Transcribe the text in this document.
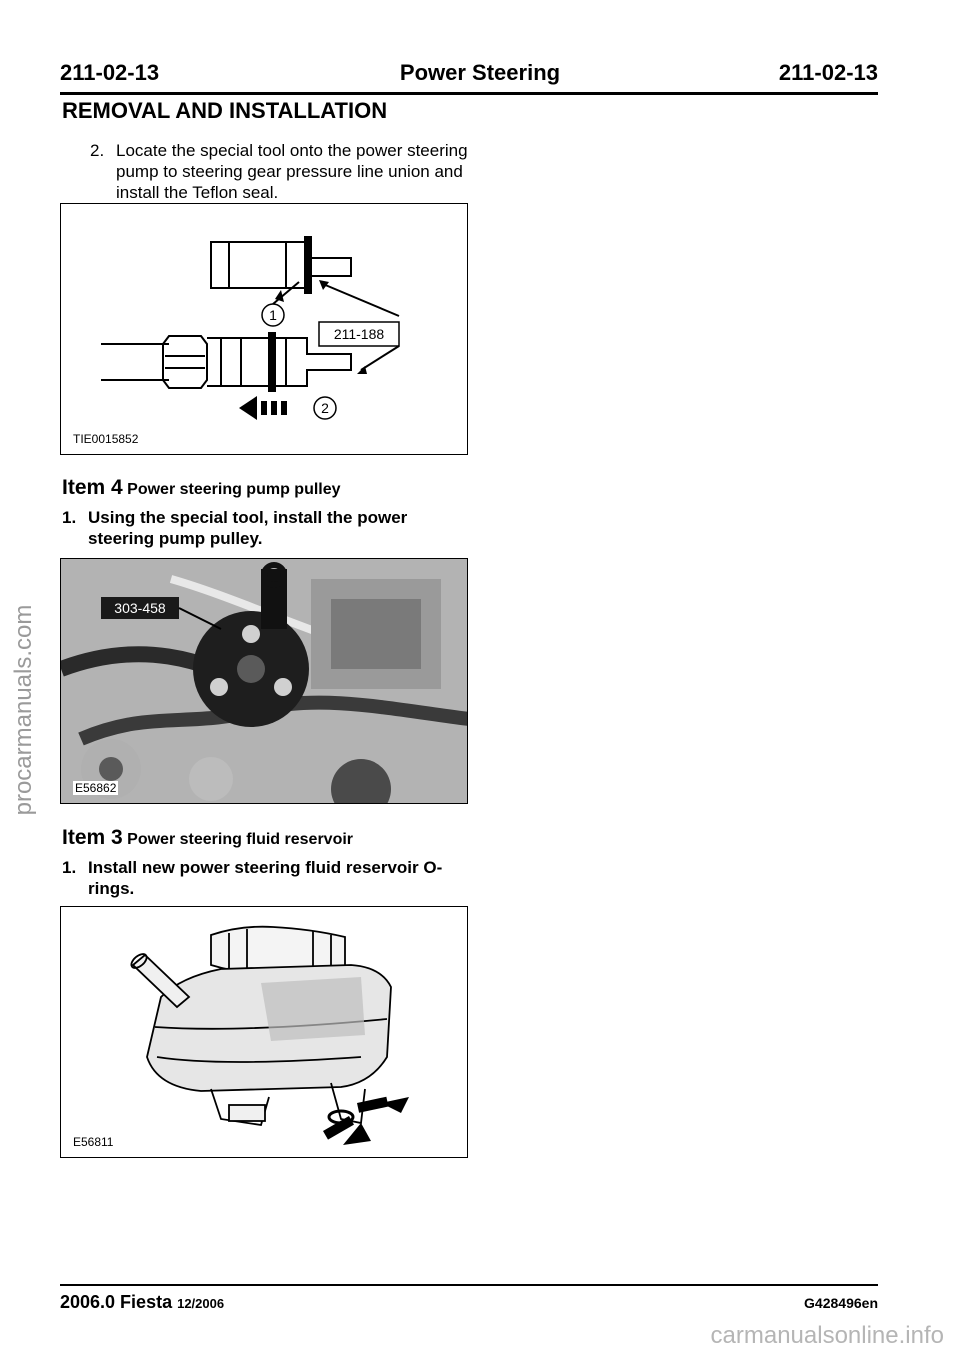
211-02-13	Power Steering	211-02-13
REMOVAL AND INSTALLATION
2. Locate the special tool onto the power steering pump to steering gear pressure line union and install the Teflon seal.
1
2
211-188
TIE0015852
Item 4 Power steering pump pulley
1. Using the special tool, install the power steering pump pulley.
303-458
E56862
Item 3 Power steering fluid reservoir
1. Install new power steering fluid reservoir O-rings.
E56811
2006.0 Fiesta 12/2006	G428496en
procarmanuals.com
carmanualsonline.info
